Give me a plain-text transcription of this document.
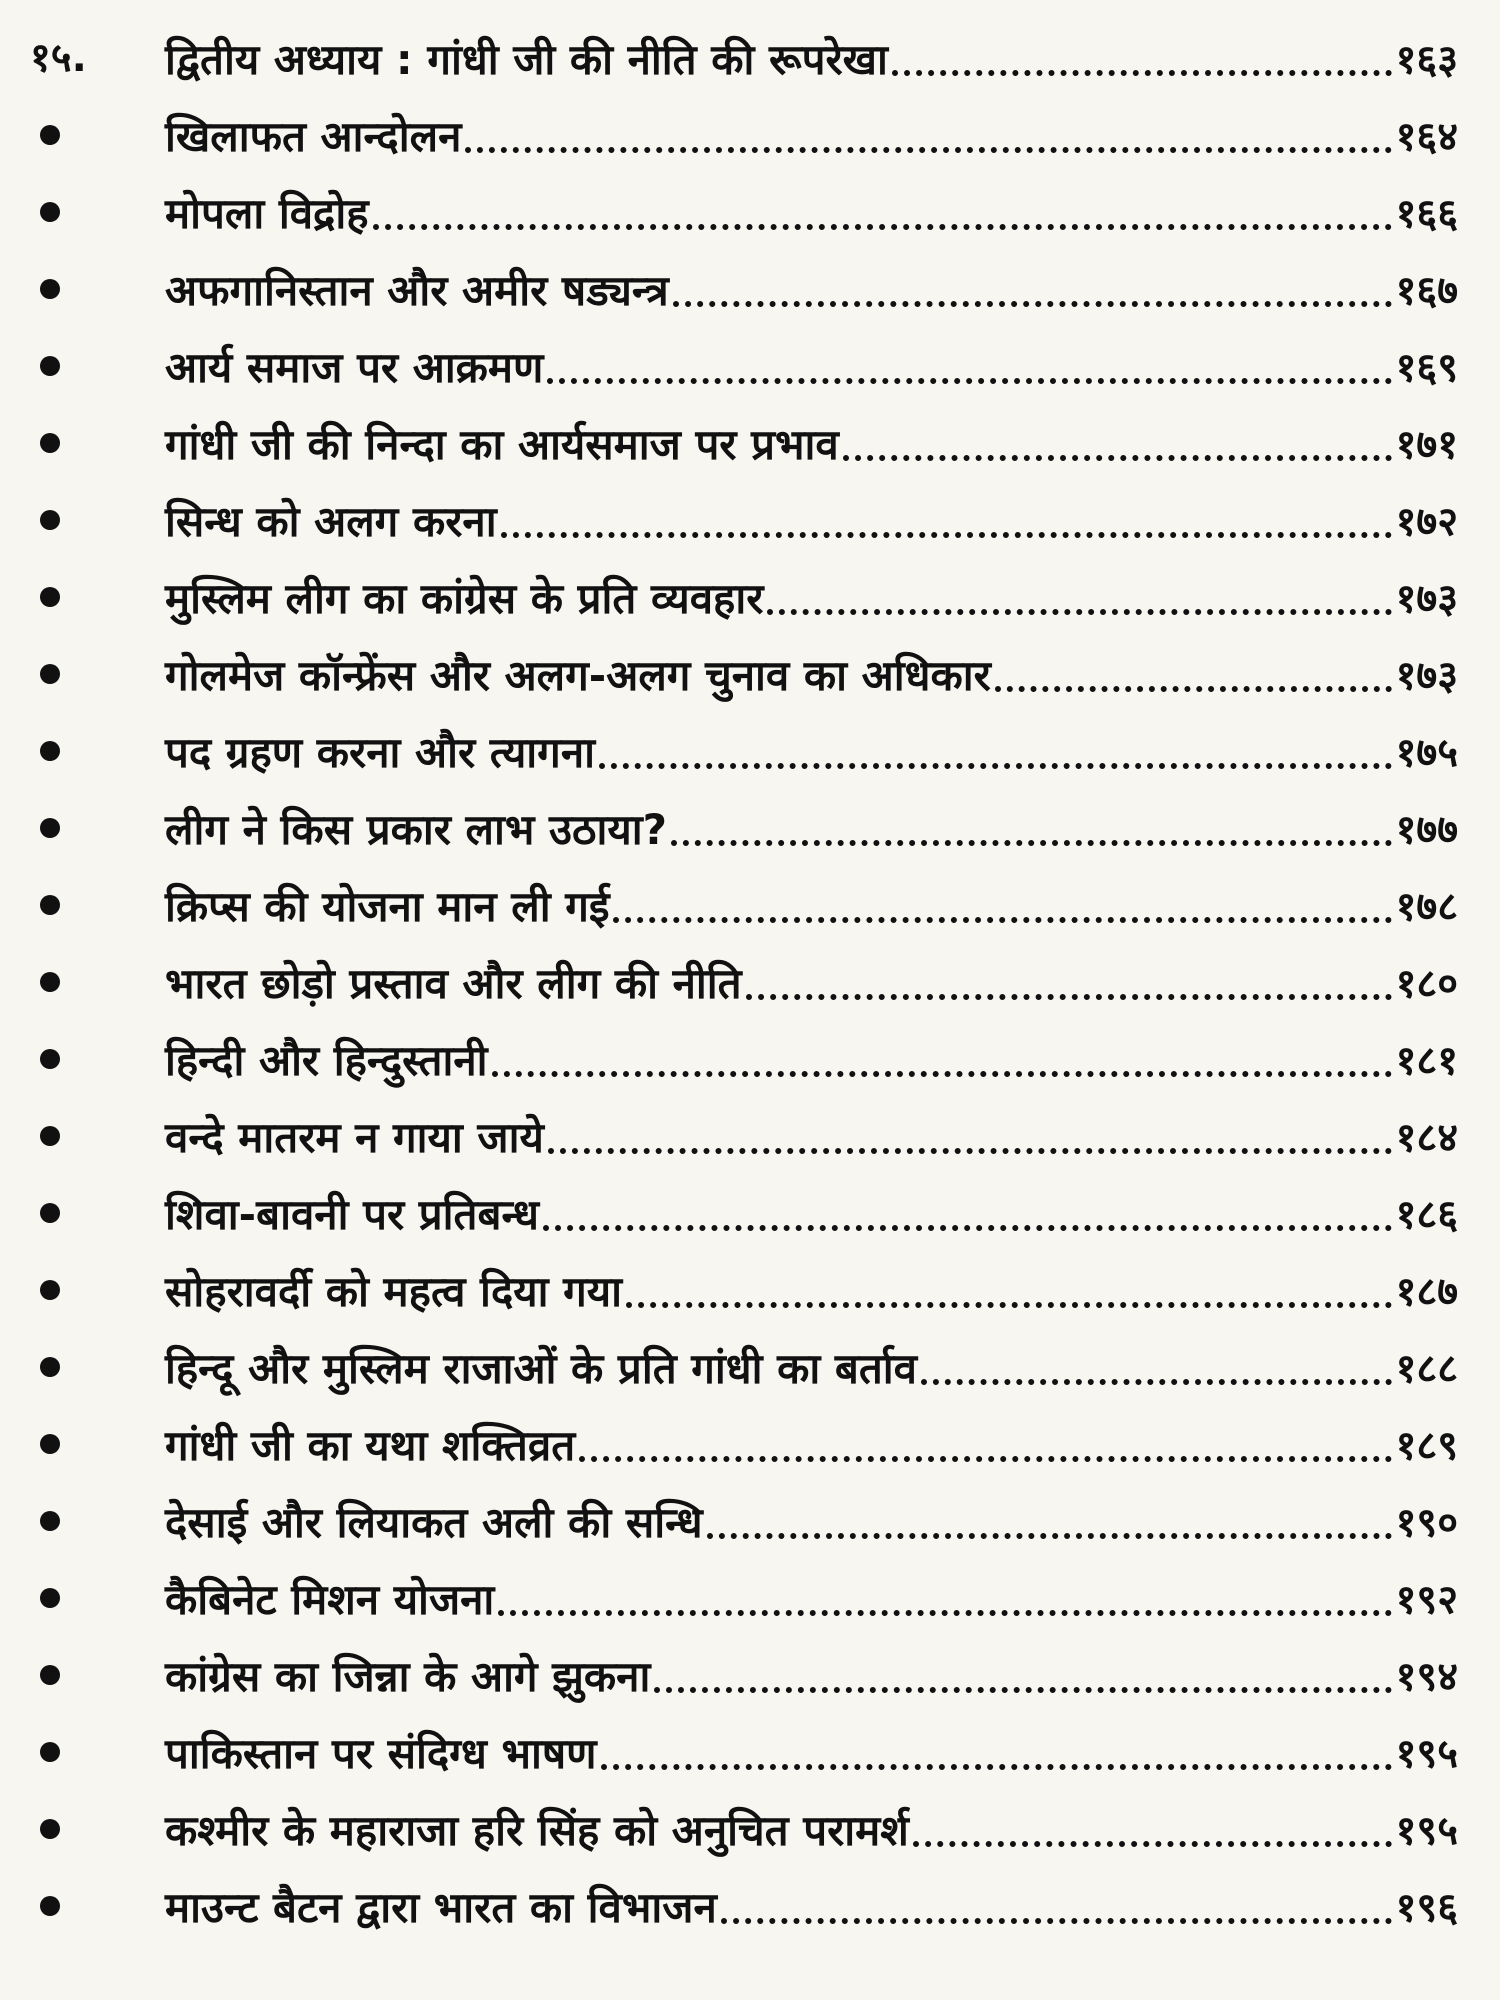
१५.	द्वितीय अध्याय : गांधी जी की नीति की रूपरेखा	१६३
खिलाफत आन्दोलन	१६४
मोपला विद्रोह	१६६
अफगानिस्तान और अमीर षड्यन्त्र	१६७
आर्य समाज पर आक्रमण	१६९
गांधी जी की निन्दा का आर्यसमाज पर प्रभाव	१७१
सिन्ध को अलग करना	१७२
मुस्लिम लीग का कांग्रेस के प्रति व्यवहार	१७३
गोलमेज कॉन्फ्रेंस और अलग-अलग चुनाव का अधिकार	१७३
पद ग्रहण करना और त्यागना	१७५
लीग ने किस प्रकार लाभ उठाया?	१७७
क्रिप्स की योजना मान ली गई	१७८
भारत छोड़ो प्रस्ताव और लीग की नीति	१८०
हिन्दी और हिन्दुस्तानी	१८१
वन्दे मातरम न गाया जाये	१८४
शिवा-बावनी पर प्रतिबन्ध	१८६
सोहरावर्दी को महत्व दिया गया	१८७
हिन्दू और मुस्लिम राजाओं के प्रति गांधी का बर्ताव	१८८
गांधी जी का यथा शक्तिव्रत	१८९
देसाई और लियाकत अली की सन्धि	१९०
कैबिनेट मिशन योजना	१९२
कांग्रेस का जिन्ना के आगे झुकना	१९४
पाकिस्तान पर संदिग्ध भाषण	१९५
कश्मीर के महाराजा हरि सिंह को अनुचित परामर्श	१९५
माउन्ट बैटन द्वारा भारत का विभाजन	१९६
